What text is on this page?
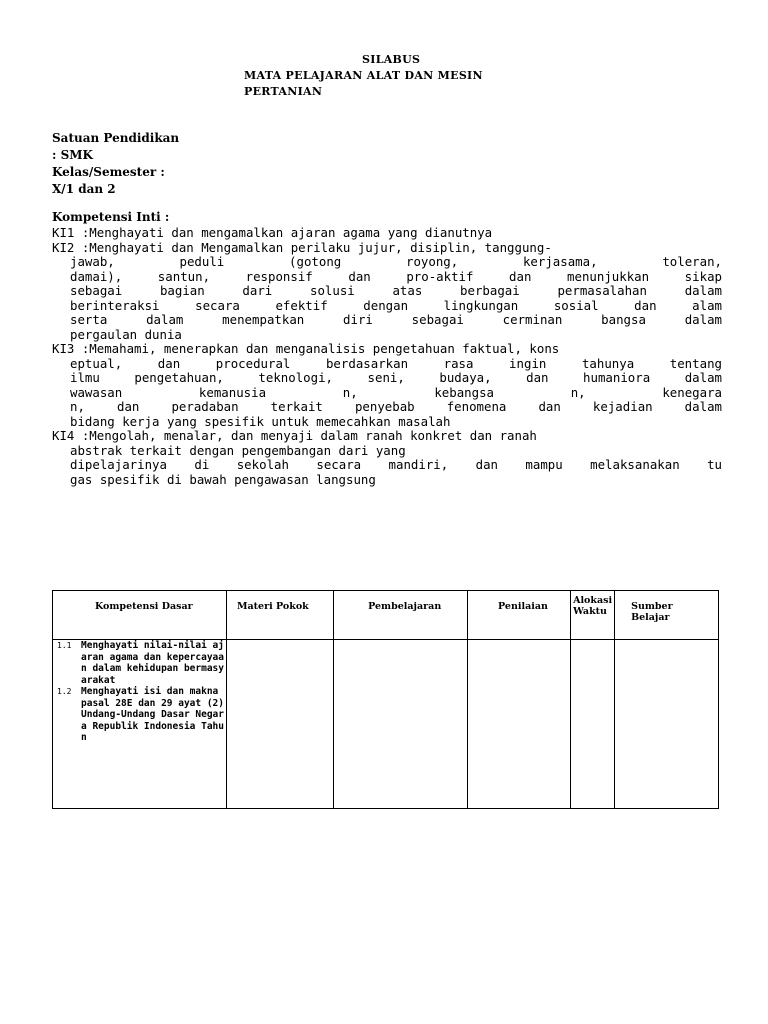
SILABUS
MATA PELAJARAN ALAT DAN MESIN
PERTANIAN
Satuan Pendidikan
: SMK
Kelas/Semester :
X/1 dan 2
Kompetensi Inti :
KI1 :Menghayati dan mengamalkan ajaran agama yang dianutnya
KI2 :Menghayati dan Mengamalkan perilaku jujur, disiplin, tanggung-
jawab, peduli (gotong royong, kerjasama, toleran,
damai), santun, responsif dan pro-aktif dan menunjukkan sikap
sebagai bagian dari solusi atas berbagai permasalahan dalam
berinteraksi secara efektif dengan lingkungan sosial dan alam
serta dalam menempatkan diri sebagai cerminan bangsa dalam
pergaulan dunia
KI3 :Memahami, menerapkan dan menganalisis pengetahuan faktual, kons
eptual, dan procedural berdasarkan rasa ingin tahunya tentang
ilmu pengetahuan, teknologi, seni, budaya, dan humaniora dalam
wawasan kemanusia n, kebangsa n, kenegara
n, dan peradaban terkait penyebab fenomena dan kejadian dalam
bidang kerja yang spesifik untuk memecahkan masalah
KI4 :Mengolah, menalar, dan menyaji dalam ranah konkret dan ranah
abstrak terkait dengan pengembangan dari yang
dipelajarinya di sekolah secara mandiri, dan mampu melaksanakan tu
gas spesifik di bawah pengawasan langsung
Kompetensi Dasar	Materi Pokok	Pembelajaran	Penilaian	Alokasi Waktu	Sumber Belajar

1.1 Menghayati nilai-nilai ajaran agama dan kepercayaan dalam kehidupan bermasyarakat
1.2 Menghayati isi dan makna pasal 28E dan 29 ayat (2) Undang-Undang Dasar Negara Republik Indonesia Tahun					
